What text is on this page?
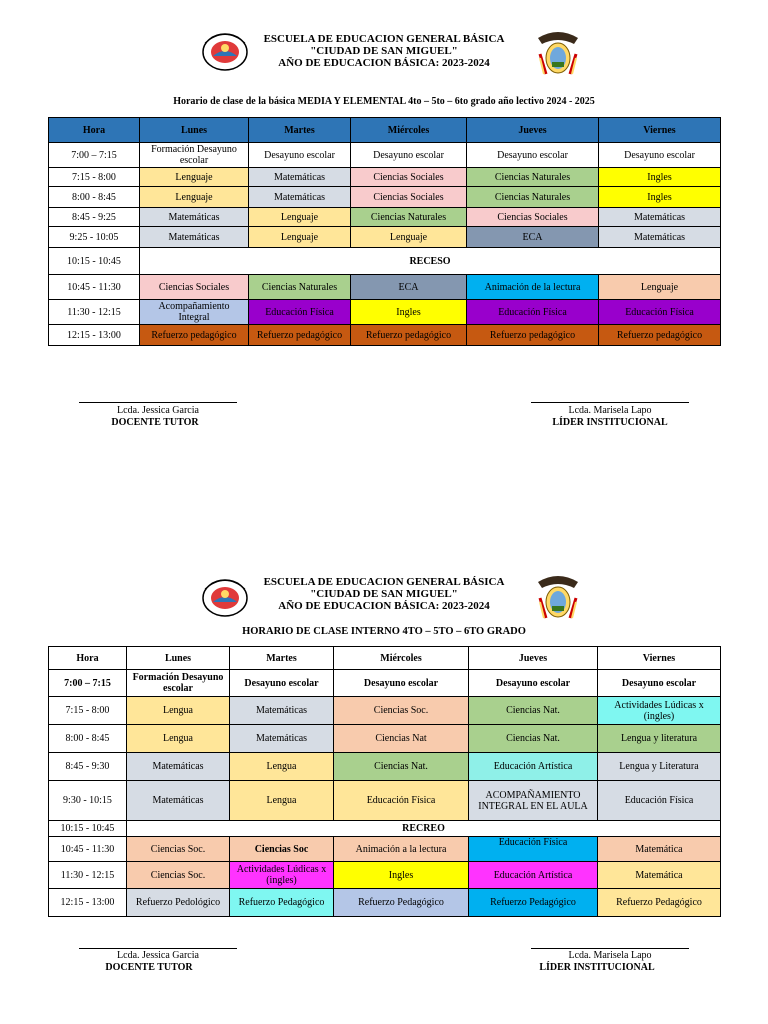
ESCUELA DE EDUCACION GENERAL BÁSICA
"CIUDAD DE SAN MIGUEL"
AÑO DE EDUCACION BÁSICA: 2023-2024
Horario de clase de la básica MEDIA Y ELEMENTAL 4to – 5to – 6to grado año lectivo 2024 - 2025
Hora	Lunes	Martes	Miércoles	Jueves	Viernes
7:00 – 7:15	Formación Desayuno escolar	Desayuno escolar	Desayuno escolar	Desayuno escolar	Desayuno escolar
7:15 - 8:00	Lenguaje	Matemáticas	Ciencias Sociales	Ciencias Naturales	Ingles
8:00 - 8:45	Lenguaje	Matemáticas	Ciencias Sociales	Ciencias Naturales	Ingles
8:45 - 9:25	Matemáticas	Lenguaje	Ciencias Naturales	Ciencias Sociales	Matemáticas
9:25 - 10:05	Matemáticas	Lenguaje	Lenguaje	ECA	Matemáticas
10:15 - 10:45	RECESO				
10:45 - 11:30	Ciencias Sociales	Ciencias Naturales	ECA	Animación de la lectura	Lenguaje
11:30 - 12:15	Acompañamiento Integral	Educación Física	Ingles	Educación Física	Educación Física
12:15 - 13:00	Refuerzo pedagógico	Refuerzo pedagógico	Refuerzo pedagógico	Refuerzo pedagógico	Refuerzo pedagógico
Lcda. Jessica Garcia
DOCENTE TUTOR
Lcda. Marisela Lapo
LÍDER INSTITUCIONAL
ESCUELA DE EDUCACION GENERAL BÁSICA
"CIUDAD DE SAN MIGUEL"
AÑO DE EDUCACION BÁSICA: 2023-2024
HORARIO DE CLASE INTERNO 4TO – 5TO – 6TO GRADO
Hora	Lunes	Martes	Miércoles	Jueves	Viernes
7:00 – 7:15	Formación Desayuno escolar	Desayuno escolar	Desayuno escolar	Desayuno escolar	Desayuno escolar
7:15 - 8:00	Lengua	Matemáticas	Ciencias Soc.	Ciencias Nat.	Actividades Lúdicas x (ingles)
8:00 - 8:45	Lengua	Matemáticas	Ciencias Nat	Ciencias Nat.	Lengua y literatura
8:45 - 9:30	Matemáticas	Lengua	Ciencias Nat.	Educación Artística	Lengua y Literatura
9:30 - 10:15	Matemáticas	Lengua	Educación Física	ACOMPAÑAMIENTO INTEGRAL EN EL AULA	Educación Física
10:15 - 10:45	RECREO				
10:45 - 11:30	Ciencias Soc.	Ciencias Soc	Animación a la lectura	Educación Física	Matemática
11:30 - 12:15	Ciencias Soc.	Actividades Lúdicas x (ingles)	Ingles	Educación Artística	Matemática
12:15 - 13:00	Refuerzo Pedológico	Refuerzo Pedagógico	Refuerzo Pedagógico	Refuerzo Pedagógico	Refuerzo Pedagógico
Lcda. Jessica Garcia
DOCENTE TUTOR
Lcda. Marisela Lapo
LÍDER INSTITUCIONAL
